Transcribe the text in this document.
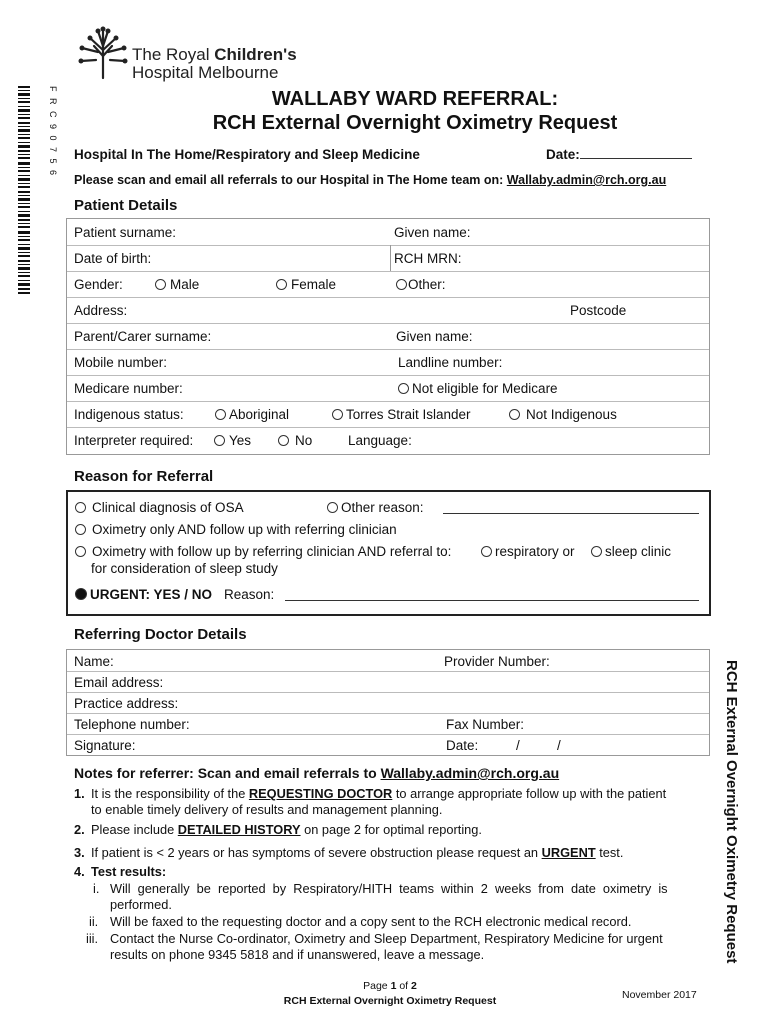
The Royal Children's
Hospital Melbourne
F R C 9 0 7 5 6	WALLABY WARD REFERRAL:
RCH External Overnight Oximetry Request
Hospital In The Home/Respiratory and Sleep Medicine	Date:
Please scan and email all referrals to our Hospital in The Home team on: Wallaby.admin@rch.org.au
Patient Details
Patient surname:	Given name:
Date of birth:	RCH MRN:
Gender:	Male	Female	Other:
Address:	Postcode
Parent/Carer surname:	Given name:
Mobile number:	Landline number:
Medicare number:	Not eligible for Medicare
Indigenous status:	Aboriginal	Torres Strait Islander	Not Indigenous
Interpreter required:	Yes	No	Language:
Reason for Referral
Clinical diagnosis of OSA	Other reason:
Oximetry only AND follow up with referring clinician
Oximetry with follow up by referring clinician AND referral to:	respiratory or	sleep clinic
for consideration of sleep study
URGENT: YES / NO Reason:
Referring Doctor Details
Name:	Provider Number:
Email address:
Practice address:
Telephone number:	Fax Number:
Signature:	Date:	/	/
Notes for referrer: Scan and email referrals to Wallaby.admin@rch.org.au
1. It is the responsibility of the REQUESTING DOCTOR to arrange appropriate follow up with the patient
to enable timely delivery of results and management planning.
2. Please include DETAILED HISTORY on page 2 for optimal reporting.
3. If patient is < 2 years or has symptoms of severe obstruction please request an URGENT test.
4. Test results:
i. Will generally be reported by Respiratory/HITH teams within 2 weeks from date oximetry is
performed.
ii. Will be faxed to the requesting doctor and a copy sent to the RCH electronic medical record.
iii. Contact the Nurse Co-ordinator, Oximetry and Sleep Department, Respiratory Medicine for urgent
results on phone 9345 5818 and if unanswered, leave a message.
Page 1 of 2
RCH External Overnight Oximetry Request	November 2017
RCH External Overnight Oximetry Request
